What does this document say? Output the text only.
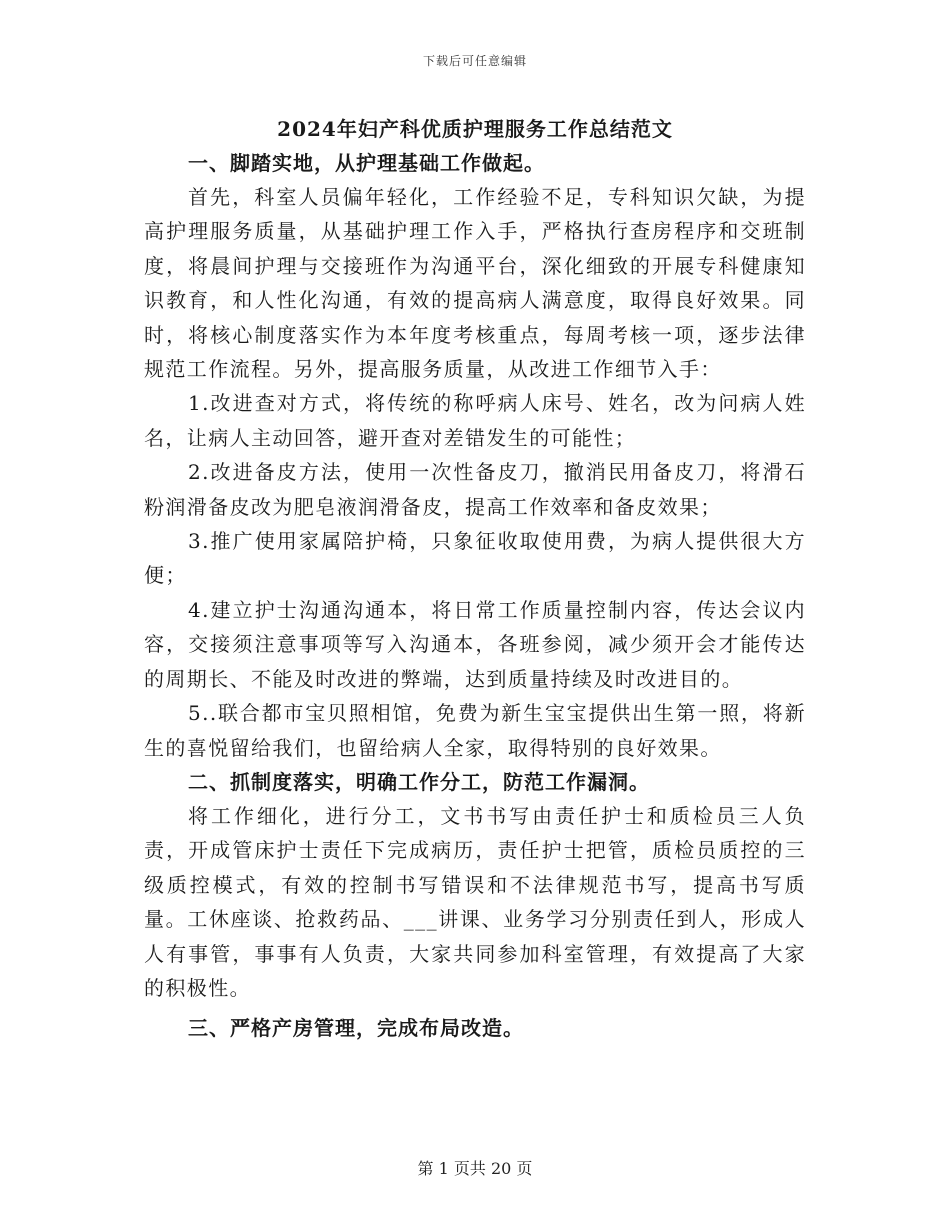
下载后可任意编辑
2024年妇产科优质护理服务工作总结范文
一、脚踏实地，从护理基础工作做起。

首先，科室人员偏年轻化，工作经验不足，专科知识欠缺，为提高护理服务质量，从基础护理工作入手，严格执行查房程序和交班制度，将晨间护理与交接班作为沟通平台，深化细致的开展专科健康知识教育，和人性化沟通，有效的提高病人满意度，取得良好效果。同时，将核心制度落实作为本年度考核重点，每周考核一项，逐步法律规范工作流程。另外，提高服务质量，从改进工作细节入手：

1.改进查对方式，将传统的称呼病人床号、姓名，改为问病人姓名，让病人主动回答，避开查对差错发生的可能性；

2.改进备皮方法，使用一次性备皮刀，撤消民用备皮刀，将滑石粉润滑备皮改为肥皂液润滑备皮，提高工作效率和备皮效果；

3.推广使用家属陪护椅，只象征收取使用费，为病人提供很大方便；

4.建立护士沟通沟通本，将日常工作质量控制内容，传达会议内容，交接须注意事项等写入沟通本，各班参阅，减少须开会才能传达的周期长、不能及时改进的弊端，达到质量持续及时改进目的。

5..联合都市宝贝照相馆，免费为新生宝宝提供出生第一照，将新生的喜悦留给我们，也留给病人全家，取得特别的良好效果。

二、抓制度落实，明确工作分工，防范工作漏洞。

将工作细化，进行分工，文书书写由责任护士和质检员三人负责，开成管床护士责任下完成病历，责任护士把管，质检员质控的三级质控模式，有效的控制书写错误和不法律规范书写，提高书写质量。工休座谈、抢救药品、___讲课、业务学习分别责任到人，形成人人有事管，事事有人负责，大家共同参加科室管理，有效提高了大家的积极性。

三、严格产房管理，完成布局改造。
第 1 页共 20 页
